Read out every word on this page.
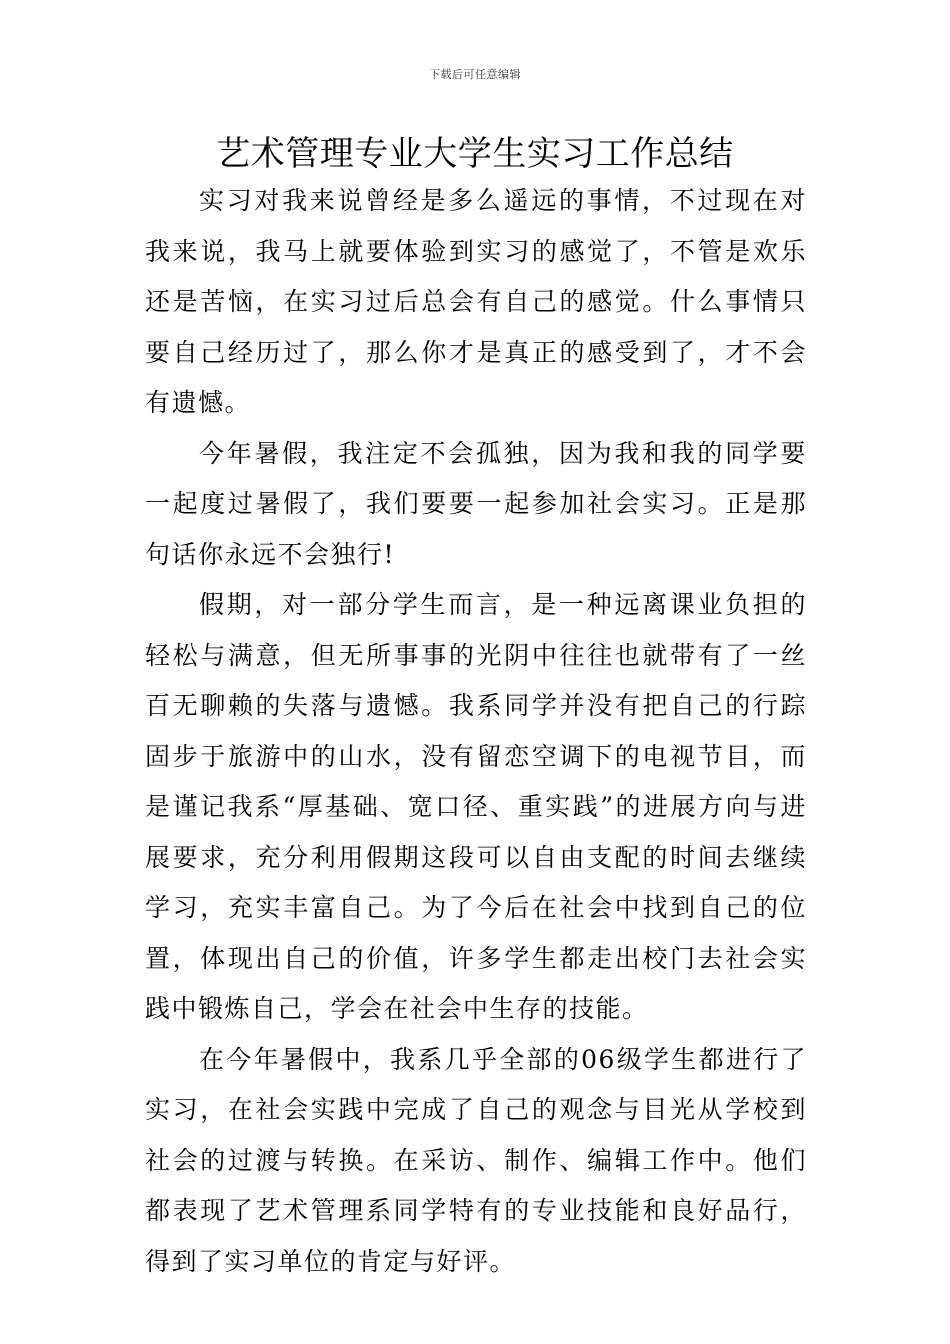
下载后可任意编辑
艺术管理专业大学生实习工作总结

实习对我来说曾经是多么遥远的事情，不过现在对我来说，我马上就要体验到实习的感觉了，不管是欢乐还是苦恼，在实习过后总会有自己的感觉。什么事情只要自己经历过了，那么你才是真正的感受到了，才不会有遗憾。

今年暑假，我注定不会孤独，因为我和我的同学要一起度过暑假了，我们要要一起参加社会实习。正是那句话你永远不会独行!

假期，对一部分学生而言，是一种远离课业负担的轻松与满意，但无所事事的光阴中往往也就带有了一丝百无聊赖的失落与遗憾。我系同学并没有把自己的行踪固步于旅游中的山水，没有留恋空调下的电视节目，而是谨记我系“厚基础、宽口径、重实践”的进展方向与进展要求，充分利用假期这段可以自由支配的时间去继续学习，充实丰富自己。为了今后在社会中找到自己的位置，体现出自己的价值，许多学生都走出校门去社会实践中锻炼自己，学会在社会中生存的技能。

在今年暑假中，我系几乎全部的06级学生都进行了实习，在社会实践中完成了自己的观念与目光从学校到社会的过渡与转换。在采访、制作、编辑工作中。他们都表现了艺术管理系同学特有的专业技能和良好品行，得到了实习单位的肯定与好评。
